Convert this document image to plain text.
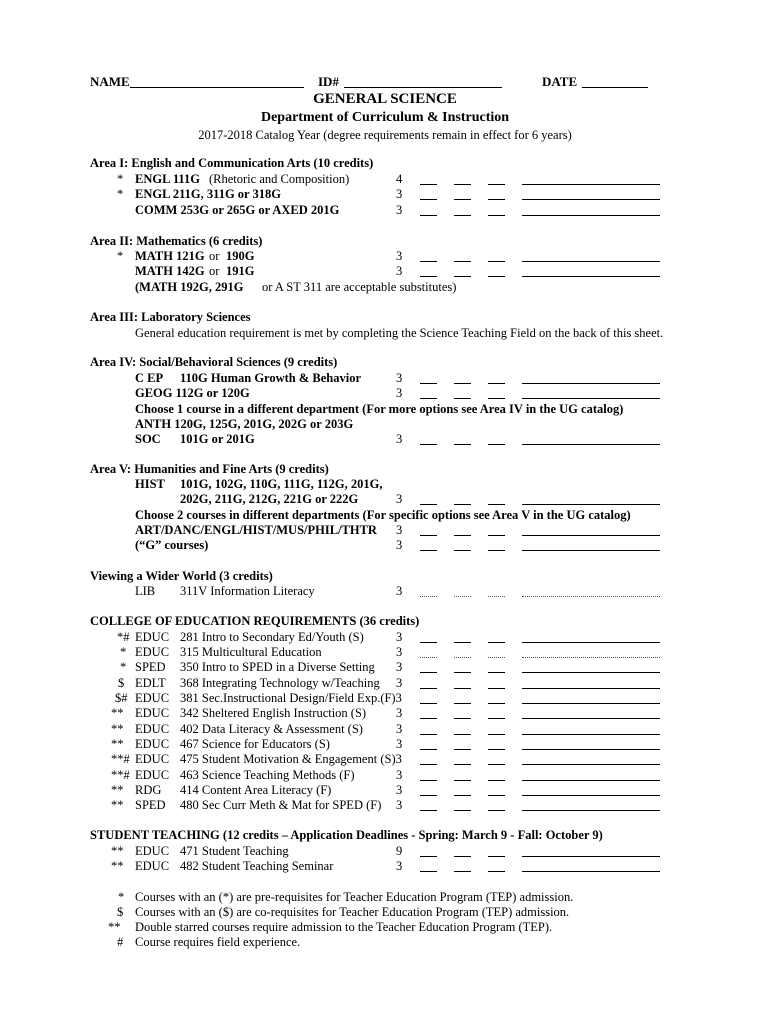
NAME	ID#	DATE
GENERAL SCIENCE
Department of Curriculum & Instruction
2017-2018 Catalog Year (degree requirements remain in effect for 6 years)
Area I: English and Communication Arts (10 credits)
* ENGL 111G (Rhetoric and Composition)	4
* ENGL 211G, 311G or 318G	3
COMM 253G or 265G or AXED 201G	3
Area II: Mathematics (6 credits)
* MATH 121G or 190G	3
MATH 142G or 191G	3
(MATH 192G, 291G or A ST 311 are acceptable substitutes)
Area III: Laboratory Sciences
General education requirement is met by completing the Science Teaching Field on the back of this sheet.
Area IV: Social/Behavioral Sciences (9 credits)
C EP 110G Human Growth & Behavior	3
GEOG 112G or 120G	3
Choose 1 course in a different department (For more options see Area IV in the UG catalog)
ANTH 120G, 125G, 201G, 202G or 203G
SOC 101G or 201G	3
Area V: Humanities and Fine Arts (9 credits)
HIST 101G, 102G, 110G, 111G, 112G, 201G,
202G, 211G, 212G, 221G or 222G	3
Choose 2 courses in different departments (For specific options see Area V in the UG catalog)
ART/DANC/ENGL/HIST/MUS/PHIL/THTR 3
(“G” courses)	3
Viewing a Wider World (3 credits)
LIB 311V Information Literacy	3
COLLEGE OF EDUCATION REQUIREMENTS (36 credits)
*# EDUC 281 Intro to Secondary Ed/Youth (S)	3
* EDUC 315 Multicultural Education	3
* SPED 350 Intro to SPED in a Diverse Setting 3
$ EDLT 368 Integrating Technology w/Teaching 3
$# EDUC 381 Sec.Instructional Design/Field Exp.(F)3
** EDUC 342 Sheltered English Instruction (S) 3
** EDUC 402 Data Literacy & Assessment (S)	3
** EDUC 467 Science for Educators (S)	3
**# EDUC 475 Student Motivation & Engagement (S)3
**# EDUC 463 Science Teaching Methods (F)	3
** RDG 414 Content Area Literacy (F)	3
** SPED 480 Sec Curr Meth & Mat for SPED (F) 3
STUDENT TEACHING (12 credits – Application Deadlines - Spring: March 9 - Fall: October 9)
** EDUC 471 Student Teaching	9
** EDUC 482 Student Teaching Seminar	3
* Courses with an (*) are pre-requisites for Teacher Education Program (TEP) admission.
$ Courses with an ($) are co-requisites for Teacher Education Program (TEP) admission.
** Double starred courses require admission to the Teacher Education Program (TEP).
# Course requires field experience.
